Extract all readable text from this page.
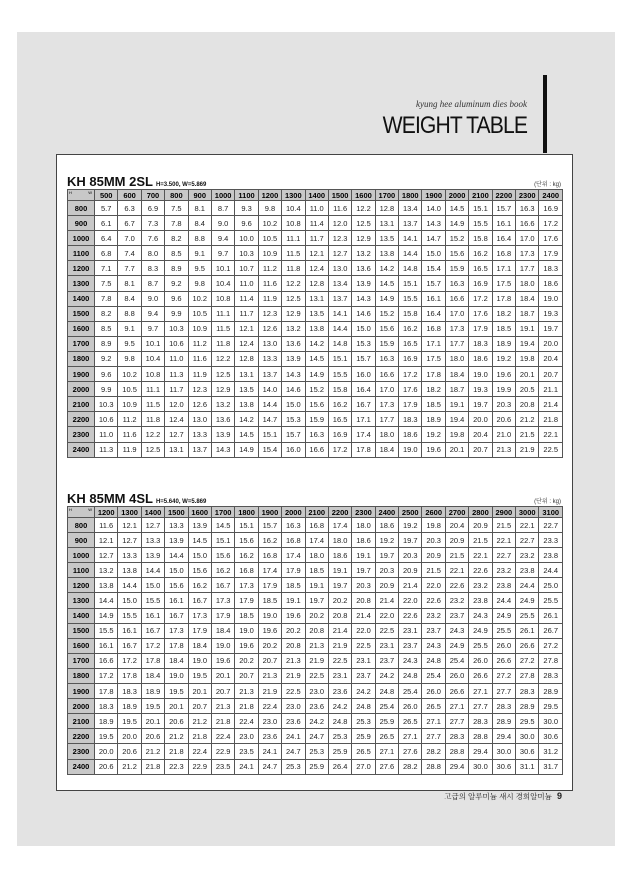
kyung hee aluminum dies book
WEIGHT TABLE
KH 85MM 2SL H=3.500, W=5.869	(단위 : kg)
H W	500	600	700	800	900	1000	1100	1200	1300	1400	1500	1600	1700	1800	1900	2000	2100	2200	2300	2400
800	5.7	6.3	6.9	7.5	8.1	8.7	9.3	9.8	10.4	11.0	11.6	12.2	12.8	13.4	14.0	14.5	15.1	15.7	16.3	16.9
900	6.1	6.7	7.3	7.8	8.4	9.0	9.6	10.2	10.8	11.4	12.0	12.5	13.1	13.7	14.3	14.9	15.5	16.1	16.6	17.2
1000	6.4	7.0	7.6	8.2	8.8	9.4	10.0	10.5	11.1	11.7	12.3	12.9	13.5	14.1	14.7	15.2	15.8	16.4	17.0	17.6
1100	6.8	7.4	8.0	8.5	9.1	9.7	10.3	10.9	11.5	12.1	12.7	13.2	13.8	14.4	15.0	15.6	16.2	16.8	17.3	17.9
1200	7.1	7.7	8.3	8.9	9.5	10.1	10.7	11.2	11.8	12.4	13.0	13.6	14.2	14.8	15.4	15.9	16.5	17.1	17.7	18.3
1300	7.5	8.1	8.7	9.2	9.8	10.4	11.0	11.6	12.2	12.8	13.4	13.9	14.5	15.1	15.7	16.3	16.9	17.5	18.0	18.6
1400	7.8	8.4	9.0	9.6	10.2	10.8	11.4	11.9	12.5	13.1	13.7	14.3	14.9	15.5	16.1	16.6	17.2	17.8	18.4	19.0
1500	8.2	8.8	9.4	9.9	10.5	11.1	11.7	12.3	12.9	13.5	14.1	14.6	15.2	15.8	16.4	17.0	17.6	18.2	18.7	19.3
1600	8.5	9.1	9.7	10.3	10.9	11.5	12.1	12.6	13.2	13.8	14.4	15.0	15.6	16.2	16.8	17.3	17.9	18.5	19.1	19.7
1700	8.9	9.5	10.1	10.6	11.2	11.8	12.4	13.0	13.6	14.2	14.8	15.3	15.9	16.5	17.1	17.7	18.3	18.9	19.4	20.0
1800	9.2	9.8	10.4	11.0	11.6	12.2	12.8	13.3	13.9	14.5	15.1	15.7	16.3	16.9	17.5	18.0	18.6	19.2	19.8	20.4
1900	9.6	10.2	10.8	11.3	11.9	12.5	13.1	13.7	14.3	14.9	15.5	16.0	16.6	17.2	17.8	18.4	19.0	19.6	20.1	20.7
2000	9.9	10.5	11.1	11.7	12.3	12.9	13.5	14.0	14.6	15.2	15.8	16.4	17.0	17.6	18.2	18.7	19.3	19.9	20.5	21.1
2100	10.3	10.9	11.5	12.0	12.6	13.2	13.8	14.4	15.0	15.6	16.2	16.7	17.3	17.9	18.5	19.1	19.7	20.3	20.8	21.4
2200	10.6	11.2	11.8	12.4	13.0	13.6	14.2	14.7	15.3	15.9	16.5	17.1	17.7	18.3	18.9	19.4	20.0	20.6	21.2	21.8
2300	11.0	11.6	12.2	12.7	13.3	13.9	14.5	15.1	15.7	16.3	16.9	17.4	18.0	18.6	19.2	19.8	20.4	21.0	21.5	22.1
2400	11.3	11.9	12.5	13.1	13.7	14.3	14.9	15.4	16.0	16.6	17.2	17.8	18.4	19.0	19.6	20.1	20.7	21.3	21.9	22.5
KH 85MM 4SL H=5.640, W=5.869	(단위 : kg)
H W	1200	1300	1400	1500	1600	1700	1800	1900	2000	2100	2200	2300	2400	2500	2600	2700	2800	2900	3000	3100
800	11.6	12.1	12.7	13.3	13.9	14.5	15.1	15.7	16.3	16.8	17.4	18.0	18.6	19.2	19.8	20.4	20.9	21.5	22.1	22.7
900	12.1	12.7	13.3	13.9	14.5	15.1	15.6	16.2	16.8	17.4	18.0	18.6	19.2	19.7	20.3	20.9	21.5	22.1	22.7	23.3
1000	12.7	13.3	13.9	14.4	15.0	15.6	16.2	16.8	17.4	18.0	18.6	19.1	19.7	20.3	20.9	21.5	22.1	22.7	23.2	23.8
1100	13.2	13.8	14.4	15.0	15.6	16.2	16.8	17.4	17.9	18.5	19.1	19.7	20.3	20.9	21.5	22.1	22.6	23.2	23.8	24.4
1200	13.8	14.4	15.0	15.6	16.2	16.7	17.3	17.9	18.5	19.1	19.7	20.3	20.9	21.4	22.0	22.6	23.2	23.8	24.4	25.0
1300	14.4	15.0	15.5	16.1	16.7	17.3	17.9	18.5	19.1	19.7	20.2	20.8	21.4	22.0	22.6	23.2	23.8	24.4	24.9	25.5
1400	14.9	15.5	16.1	16.7	17.3	17.9	18.5	19.0	19.6	20.2	20.8	21.4	22.0	22.6	23.2	23.7	24.3	24.9	25.5	26.1
1500	15.5	16.1	16.7	17.3	17.9	18.4	19.0	19.6	20.2	20.8	21.4	22.0	22.5	23.1	23.7	24.3	24.9	25.5	26.1	26.7
1600	16.1	16.7	17.2	17.8	18.4	19.0	19.6	20.2	20.8	21.3	21.9	22.5	23.1	23.7	24.3	24.9	25.5	26.0	26.6	27.2
1700	16.6	17.2	17.8	18.4	19.0	19.6	20.2	20.7	21.3	21.9	22.5	23.1	23.7	24.3	24.8	25.4	26.0	26.6	27.2	27.8
1800	17.2	17.8	18.4	19.0	19.5	20.1	20.7	21.3	21.9	22.5	23.1	23.7	24.2	24.8	25.4	26.0	26.6	27.2	27.8	28.3
1900	17.8	18.3	18.9	19.5	20.1	20.7	21.3	21.9	22.5	23.0	23.6	24.2	24.8	25.4	26.0	26.6	27.1	27.7	28.3	28.9
2000	18.3	18.9	19.5	20.1	20.7	21.3	21.8	22.4	23.0	23.6	24.2	24.8	25.4	26.0	26.5	27.1	27.7	28.3	28.9	29.5
2100	18.9	19.5	20.1	20.6	21.2	21.8	22.4	23.0	23.6	24.2	24.8	25.3	25.9	26.5	27.1	27.7	28.3	28.9	29.5	30.0
2200	19.5	20.0	20.6	21.2	21.8	22.4	23.0	23.6	24.1	24.7	25.3	25.9	26.5	27.1	27.7	28.3	28.8	29.4	30.0	30.6
2300	20.0	20.6	21.2	21.8	22.4	22.9	23.5	24.1	24.7	25.3	25.9	26.5	27.1	27.6	28.2	28.8	29.4	30.0	30.6	31.2
2400	20.6	21.2	21.8	22.3	22.9	23.5	24.1	24.7	25.3	25.9	26.4	27.0	27.6	28.2	28.8	29.4	30.0	30.6	31.1	31.7
고급의 알루미늄 섀시 경희알미늄 9
